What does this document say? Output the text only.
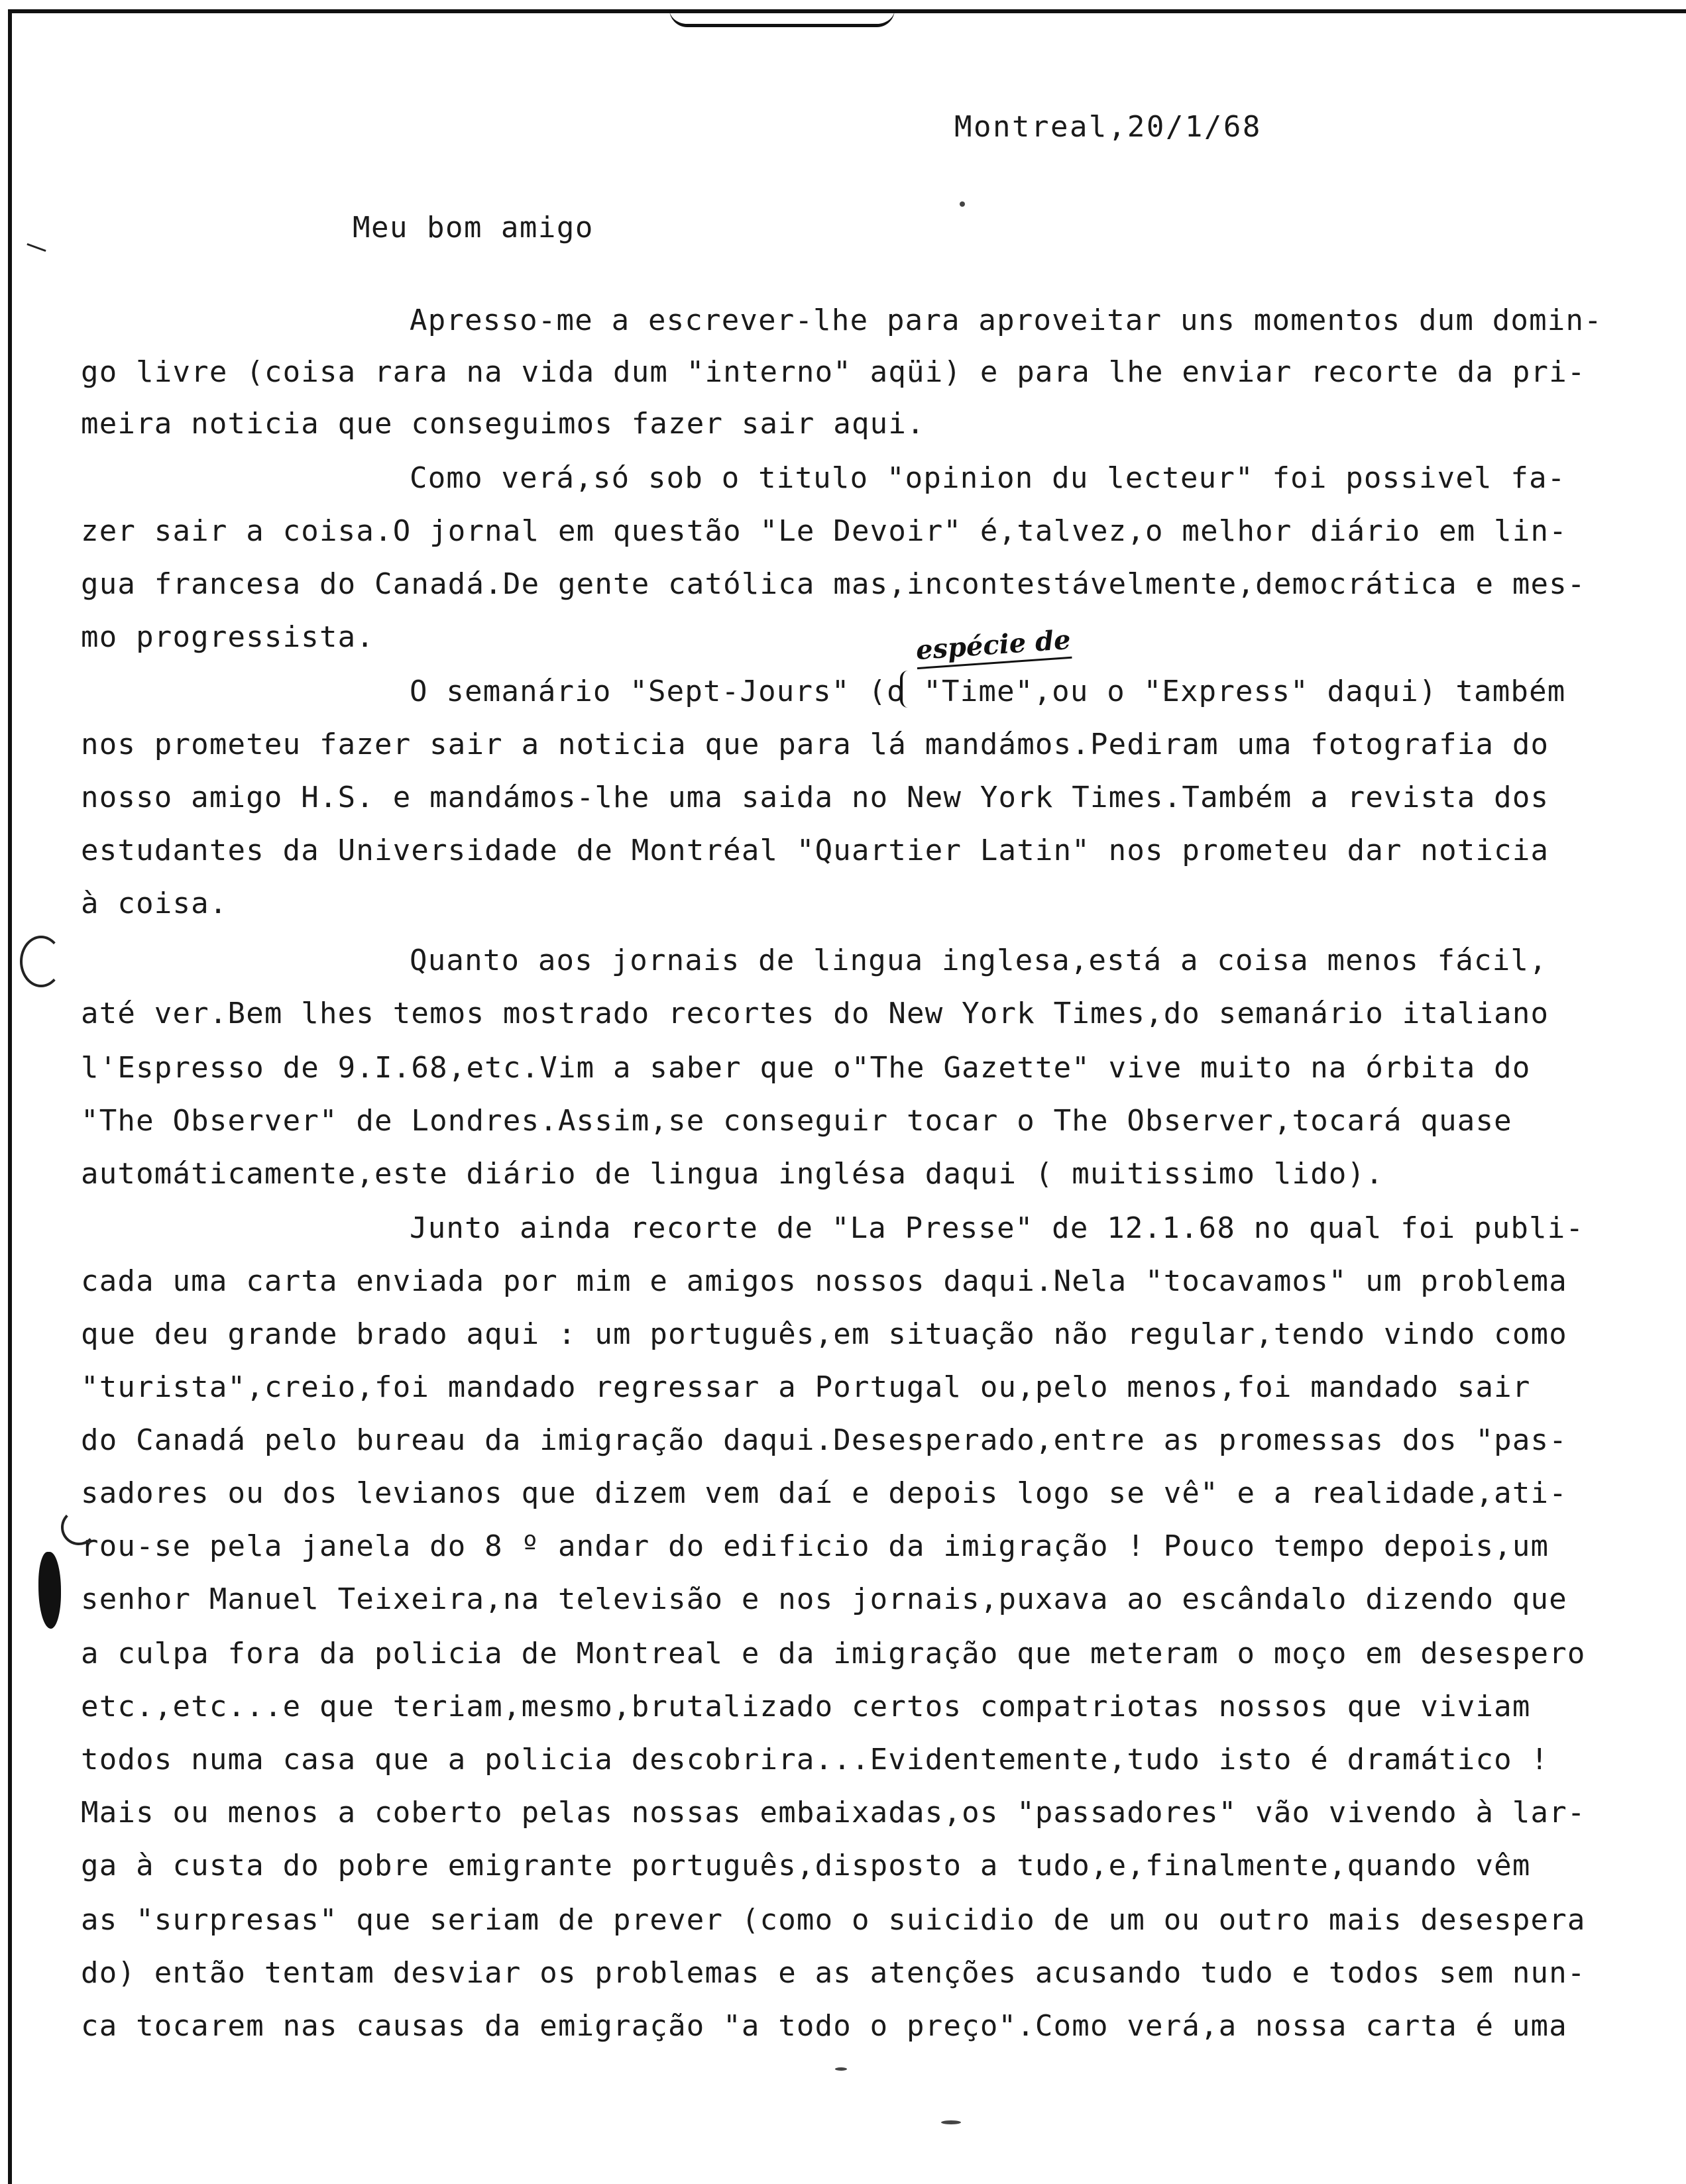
Montreal,20/1/68
Meu bom amigo
Apresso-me a escrever-lhe para aproveitar uns momentos dum domin-
go livre (coisa rara na vida dum "interno" aqüi) e para lhe enviar recorte da pri-
meira noticia que conseguimos fazer sair aqui.
Como verá,só sob o titulo "opinion du lecteur" foi possivel fa-
zer sair a coisa.O jornal em questão "Le Devoir" é,talvez,o melhor diário em lin-
gua francesa do Canadá.De gente católica mas,incontestávelmente,democrática e mes-
mo progressista.	espécie de
O semanário "Sept-Jours" (o "Time",ou o "Express" daqui) também
nos prometeu fazer sair a noticia que para lá mandámos.Pediram uma fotografia do
nosso amigo H.S. e mandámos-lhe uma saida no New York Times.Também a revista dos
estudantes da Universidade de Montréal "Quartier Latin" nos prometeu dar noticia
à coisa.
Quanto aos jornais de lingua inglesa,está a coisa menos fácil,
até ver.Bem lhes temos mostrado recortes do New York Times,do semanário italiano
l'Espresso de 9.I.68,etc.Vim a saber que o"The Gazette" vive muito na órbita do
"The Observer" de Londres.Assim,se conseguir tocar o The Observer,tocará quase
automáticamente,este diário de lingua inglésa daqui ( muitissimo lido).
Junto ainda recorte de "La Presse" de 12.1.68 no qual foi publi-
cada uma carta enviada por mim e amigos nossos daqui.Nela "tocavamos" um problema
que deu grande brado aqui : um português,em situação não regular,tendo vindo como
"turista",creio,foi mandado regressar a Portugal ou,pelo menos,foi mandado sair
do Canadá pelo bureau da imigração daqui.Desesperado,entre as promessas dos "pas-
sadores ou dos levianos que dizem vem daí e depois logo se vê" e a realidade,ati-
rou-se pela janela do 8 º andar do edificio da imigração ! Pouco tempo depois,um
senhor Manuel Teixeira,na televisão e nos jornais,puxava ao escândalo dizendo que
a culpa fora da policia de Montreal e da imigração que meteram o moço em desespero
etc.,etc...e que teriam,mesmo,brutalizado certos compatriotas nossos que viviam
todos numa casa que a policia descobrira...Evidentemente,tudo isto é dramático !
Mais ou menos a coberto pelas nossas embaixadas,os "passadores" vão vivendo à lar-
ga à custa do pobre emigrante português,disposto a tudo,e,finalmente,quando vêm
as "surpresas" que seriam de prever (como o suicidio de um ou outro mais desespera
do) então tentam desviar os problemas e as atenções acusando tudo e todos sem nun-
ca tocarem nas causas da emigração "a todo o preço".Como verá,a nossa carta é uma
